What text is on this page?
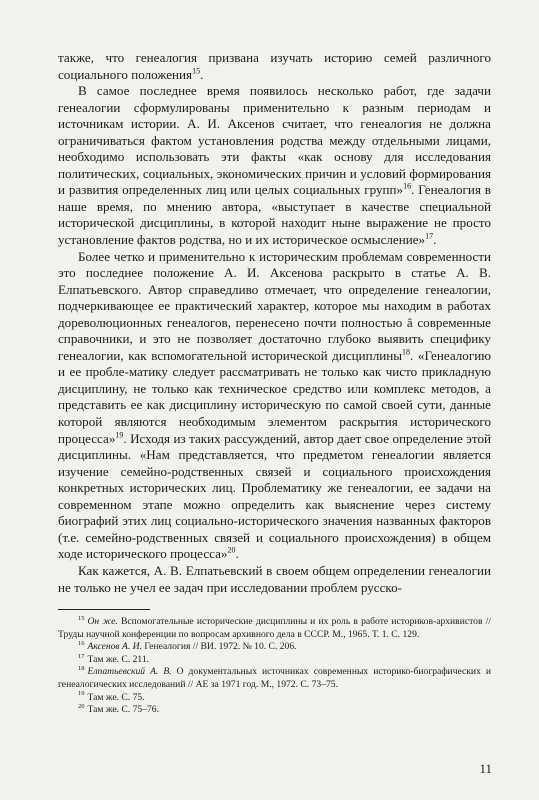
также, что генеалогия призвана изучать историю семей различного социального положения$^{15}$.

В самое последнее время появилось несколько работ, где задачи генеалогии сформулированы применительно к разным периодам и источникам истории. А. И. Аксенов считает, что генеалогия не должна ограничиваться фактом установления родства между отдельными лицами, необходимо использовать эти факты «как основу для исследования политических, социальных, экономических причин и условий формирования и развития определенных лиц или целых социальных групп»$^{16}$. Генеалогия в наше время, по мнению автора, «выступает в качестве специальной исторической дисциплины, в которой находит ныне выражение не просто установление фактов родства, но и их историческое осмысление»$^{17}$.

Более четко и применительно к историческим проблемам современности это последнее положение А. И. Аксенова раскрыто в статье А. В. Елпатьевского. Автор справедливо отмечает, что определение генеалогии, подчеркивающее ее практический характер, которое мы находим в работах дореволюционных генеалогов, перенесено почти полностью â современные справочники, и это не позволяет достаточно глубоко выявить специфику генеалогии, как вспомогательной исторической дисциплины$^{18}$. «Генеалогию и ее пробле-матику следует рассматривать не только как чисто прикладную дисциплину, не только как техническое средство или комплекс методов, а представить ее как дисциплину историческую по самой своей сути, данные которой являются необходимым элементом раскрытия исторического процесса»$^{19}$. Исходя из таких рассуждений, автор дает свое определение этой дисциплины. «Нам представляется, что предметом генеалогии является изучение семейно-родственных связей и социального происхождения конкретных исторических лиц. Проблематику же генеалогии, ее задачи на современном этапе можно определить как выяснение через систему биографий этих лиц социально-исторического значения названных факторов (т.е. семейно-родственных связей и социального происхождения) в общем ходе исторического процесса»$^{20}$.

Как кажется, А. В. Елпатьевский в своем общем определении генеалогии не только не учел ее задач при исследовании проблем русско-

$^{15}$ Он же. Вспомогательные исторические дисциплины и их роль в работе историков-архивистов // Труды научной конференции по вопросам архивного дела в СССР. М., 1965. Т. 1. С. 129.

$^{16}$ Аксенов А. И. Генеалогия // ВИ. 1972. № 10. С. 206.

$^{17}$ Там же. С. 211.

$^{18}$ Елпатьевский А. В. О документальных источниках современных историко-биографических и генеалогических исследований // АЕ за 1971 год. М., 1972. С. 73–75.

$^{19}$ Там же. С. 75.

$^{20}$ Там же. С. 75–76.

11
